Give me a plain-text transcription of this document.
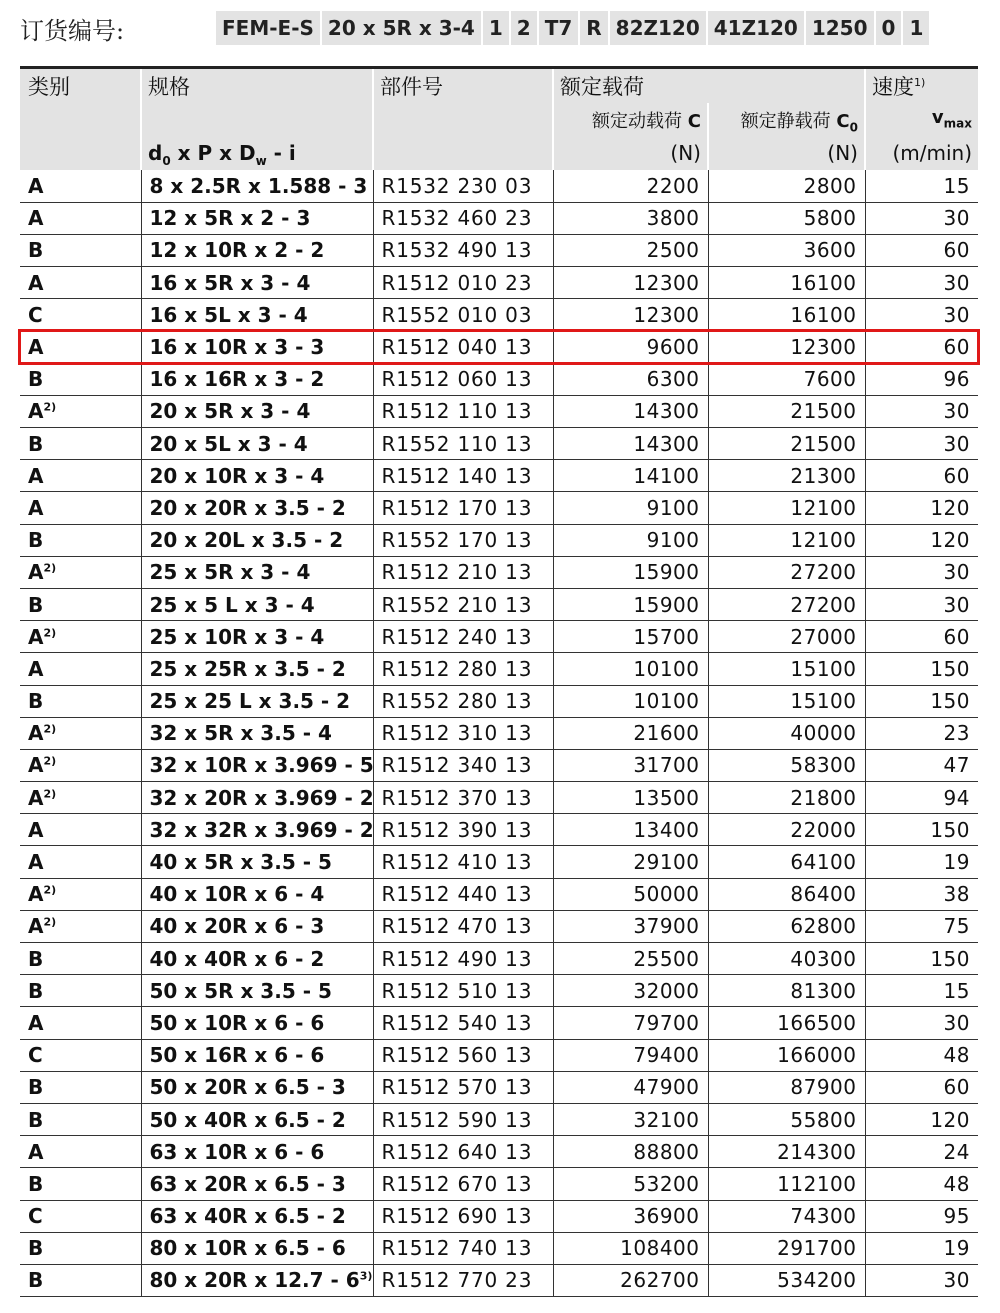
订货编号:	FEM-E-S 20 x 5R x 3-4 1 2 T7 R 82Z120 41Z120 1250 0 1
类别	规格	部件号	额定载荷		速度$^{1)}$
			额定动载荷 C	额定静载荷 $C_0$	$v_{max}$
	$d_0$ x P x $D_w$ - i		(N)	(N)	(m/min)
A	8 x 2.5R x 1.588 - 3	R1532 230 03	2200	2800	15
A	12 x 5R x 2 - 3	R1532 460 23	3800	5800	30
B	12 x 10R x 2 - 2	R1532 490 13	2500	3600	60
A	16 x 5R x 3 - 4	R1512 010 23	12300	16100	30
C	16 x 5L x 3 - 4	R1552 010 03	12300	16100	30
A	16 x 10R x 3 - 3	R1512 040 13	9600	12300	60
B	16 x 16R x 3 - 2	R1512 060 13	6300	7600	96
$A^{2)}$	20 x 5R x 3 - 4	R1512 110 13	14300	21500	30
B	20 x 5L x 3 - 4	R1552 110 13	14300	21500	30
A	20 x 10R x 3 - 4	R1512 140 13	14100	21300	60
A	20 x 20R x 3.5 - 2	R1512 170 13	9100	12100	120
B	20 x 20L x 3.5 - 2	R1552 170 13	9100	12100	120
$A^{2)}$	25 x 5R x 3 - 4	R1512 210 13	15900	27200	30
B	25 x 5 L x 3 - 4	R1552 210 13	15900	27200	30
$A^{2)}$	25 x 10R x 3 - 4	R1512 240 13	15700	27000	60
A	25 x 25R x 3.5 - 2	R1512 280 13	10100	15100	150
B	25 x 25 L x 3.5 - 2	R1552 280 13	10100	15100	150
$A^{2)}$	32 x 5R x 3.5 - 4	R1512 310 13	21600	40000	23
$A^{2)}$	32 x 10R x 3.969 - 5	R1512 340 13	31700	58300	47
$A^{2)}$	32 x 20R x 3.969 - 2	R1512 370 13	13500	21800	94
A	32 x 32R x 3.969 - 2	R1512 390 13	13400	22000	150
A	40 x 5R x 3.5 - 5	R1512 410 13	29100	64100	19
$A^{2)}$	40 x 10R x 6 - 4	R1512 440 13	50000	86400	38
$A^{2)}$	40 x 20R x 6 - 3	R1512 470 13	37900	62800	75
B	40 x 40R x 6 - 2	R1512 490 13	25500	40300	150
B	50 x 5R x 3.5 - 5	R1512 510 13	32000	81300	15
A	50 x 10R x 6 - 6	R1512 540 13	79700	166500	30
C	50 x 16R x 6 - 6	R1512 560 13	79400	166000	48
B	50 x 20R x 6.5 - 3	R1512 570 13	47900	87900	60
B	50 x 40R x 6.5 - 2	R1512 590 13	32100	55800	120
A	63 x 10R x 6 - 6	R1512 640 13	88800	214300	24
B	63 x 20R x 6.5 - 3	R1512 670 13	53200	112100	48
C	63 x 40R x 6.5 - 2	R1512 690 13	36900	74300	95
B	80 x 10R x 6.5 - 6	R1512 740 13	108400	291700	19
B	80 x 20R x 12.7 - 6$^{3)}$	R1512 770 23	262700	534200	30
